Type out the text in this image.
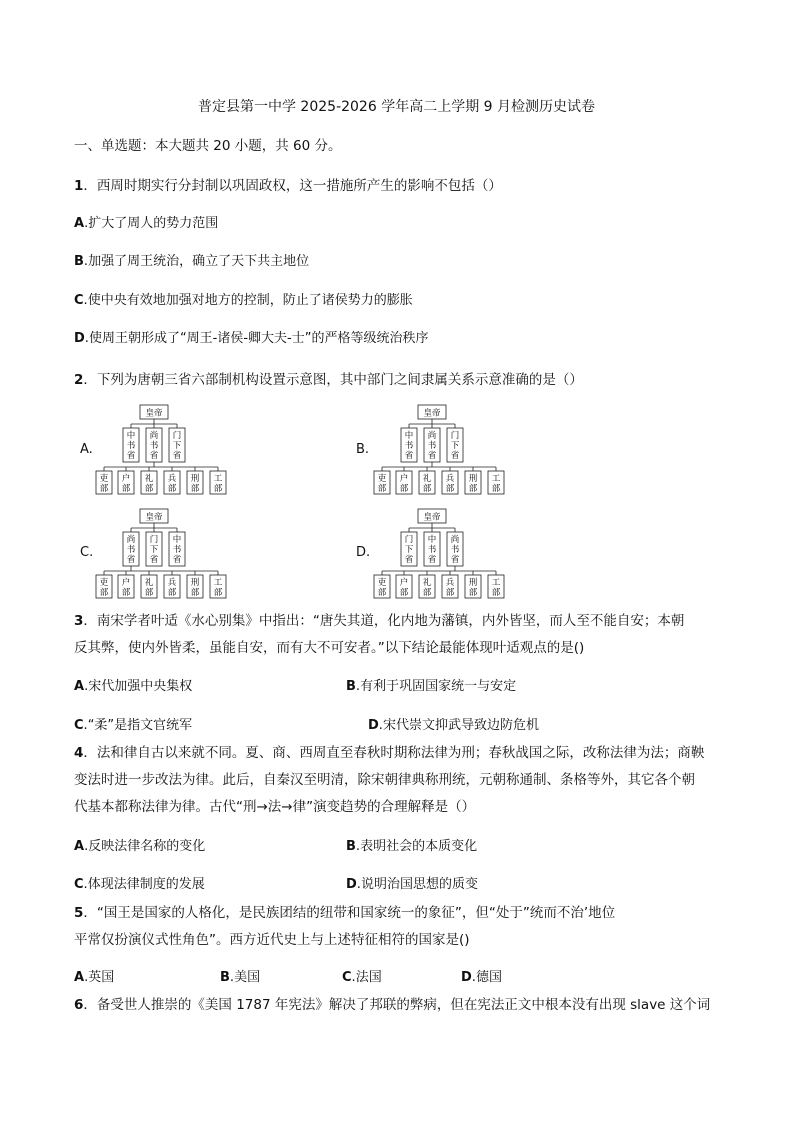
普定县第一中学 2025-2026 学年高二上学期 9 月检测历史试卷
一、单选题：本大题共 20 小题，共 60 分。
1．西周时期实行分封制以巩固政权，这一措施所产生的影响不包括（）
A.扩大了周人的势力范围
B.加强了周王统治，确立了天下共主地位
C.使中央有效地加强对地方的控制，防止了诸侯势力的膨胀
D.使周王朝形成了“周王-诸侯-卿大夫-士”的严格等级统治秩序
2．下列为唐朝三省六部制机构设置示意图，其中部门之间隶属关系示意准确的是（）
A.
皇帝
中书省
尚书省
门下省
吏部
户部
礼部
兵部
刑部
工部
B.
皇帝
中书省
尚书省
门下省
吏部
户部
礼部
兵部
刑部
工部
C.
皇帝
尚书省
门下省
中书省
吏部
户部
礼部
兵部
刑部
工部
D.
皇帝
门下省
中书省
尚书省
吏部
户部
礼部
兵部
刑部
工部
3．南宋学者叶适《水心别集》中指出：“唐失其道，化内地为藩镇，内外皆坚，而人至不能自安；本朝
反其弊，使内外皆柔，虽能自安，而有大不可安者。”以下结论最能体现叶适观点的是()
A.宋代加强中央集权	B.有利于巩固国家统一与安定
C.“柔”是指文官统军	D.宋代崇文抑武导致边防危机
4．法和律自古以来就不同。夏、商、西周直至春秋时期称法律为刑；春秋战国之际，改称法律为法；商鞅
变法时进一步改法为律。此后，自秦汉至明清，除宋朝律典称刑统，元朝称通制、条格等外，其它各个朝
代基本都称法律为律。古代“刑→法→律”演变趋势的合理解释是（）
A.反映法律名称的变化	B.表明社会的本质变化
C.体现法律制度的发展	D.说明治国思想的质变
5．“国王是国家的人格化，是民族团结的纽带和国家统一的象征”，但“处于”统而不治’地位
平常仅扮演仪式性角色”。西方近代史上与上述特征相符的国家是()
A.英国	B.美国	C.法国	D.德国
6．备受世人推崇的《美国 1787 年宪法》解决了邦联的弊病，但在宪法正文中根本没有出现 slave 这个词
